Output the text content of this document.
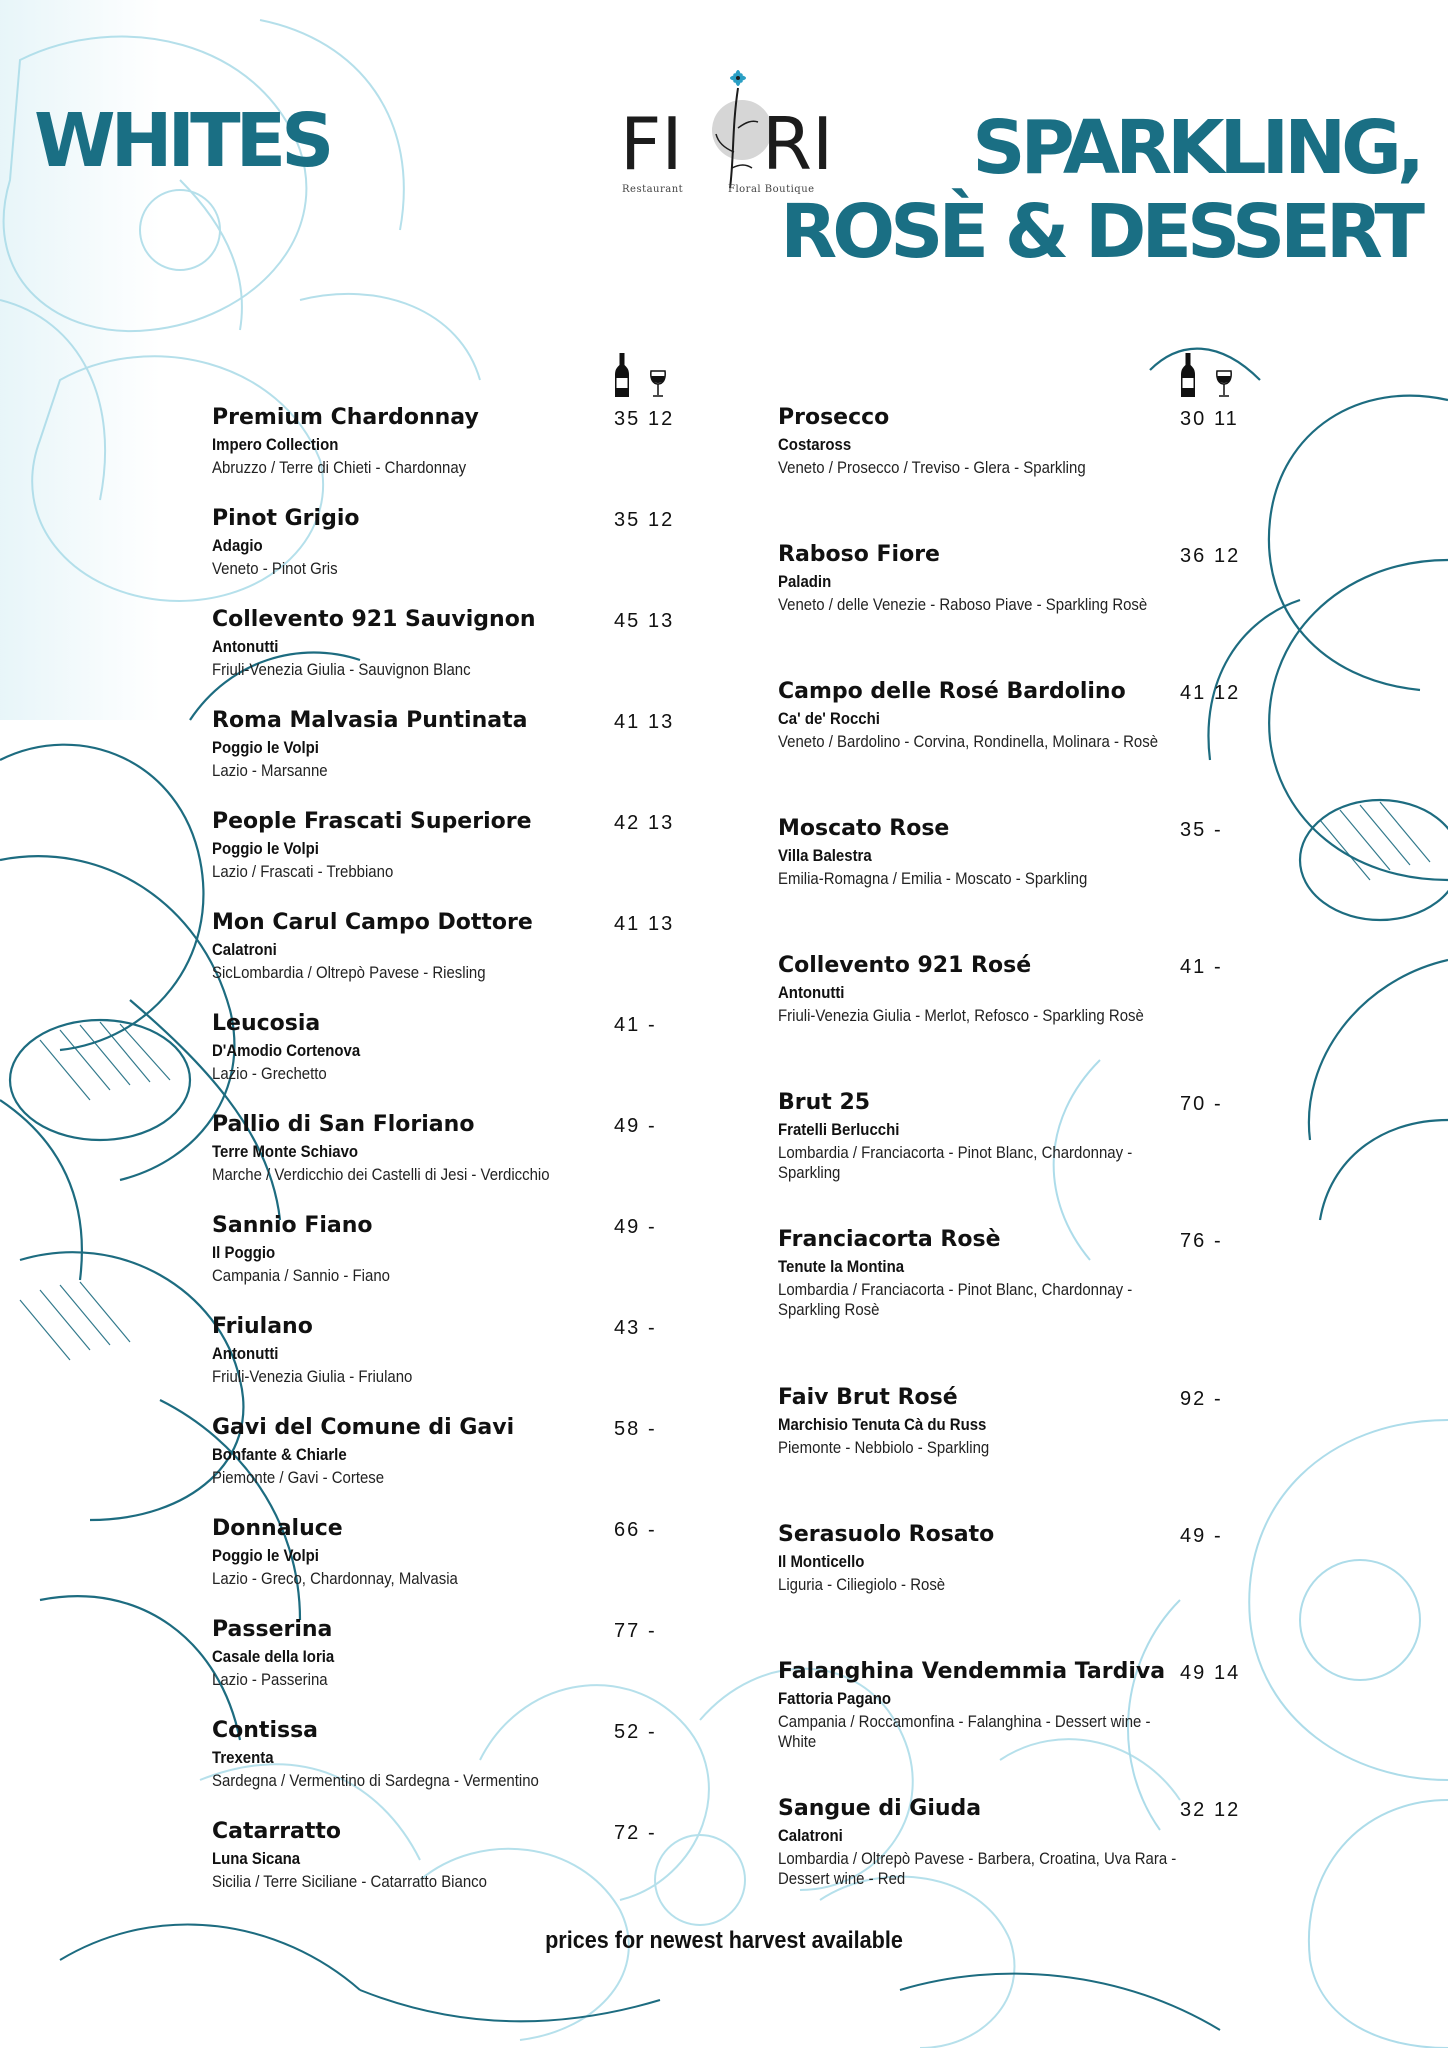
WHITES	SPARKLING,
ROSÈ & DESSERT
FI RI
Restaurant	Floral Boutique
Premium Chardonnay
Impero Collection
Abruzzo / Terre di Chieti - Chardonnay
35 12
Pinot Grigio
Adagio
Veneto - Pinot Gris
35 12
Collevento 921 Sauvignon
Antonutti
Friuli-Venezia Giulia - Sauvignon Blanc
45 13
Roma Malvasia Puntinata
Poggio le Volpi
Lazio - Marsanne
41 13
People Frascati Superiore
Poggio le Volpi
Lazio / Frascati - Trebbiano
42 13
Mon Carul Campo Dottore
Calatroni
SicLombardia / Oltrepò Pavese - Riesling
41 13
Leucosia
D'Amodio Cortenova
Lazio - Grechetto
41 -
Pallio di San Floriano
Terre Monte Schiavo
Marche / Verdicchio dei Castelli di Jesi - Verdicchio
49 -
Sannio Fiano
Il Poggio
Campania / Sannio - Fiano
49 -
Friulano
Antonutti
Friuli-Venezia Giulia - Friulano
43 -
Gavi del Comune di Gavi
Bonfante & Chiarle
Piemonte / Gavi - Cortese
58 -
Donnaluce
Poggio le Volpi
Lazio - Greco, Chardonnay, Malvasia
66 -
Passerina
Casale della Ioria
Lazio - Passerina
77 -
Contissa
Trexenta
Sardegna / Vermentino di Sardegna - Vermentino
52 -
Catarratto
Luna Sicana
Sicilia / Terre Siciliane - Catarratto Bianco
72 -
Prosecco
Costaross
Veneto / Prosecco / Treviso - Glera - Sparkling
30 11
Raboso Fiore
Paladin
Veneto / delle Venezie - Raboso Piave - Sparkling Rosè
36 12
Campo delle Rosé Bardolino
Ca' de' Rocchi
Veneto / Bardolino - Corvina, Rondinella, Molinara - Rosè
41 12
Moscato Rose
Villa Balestra
Emilia-Romagna / Emilia - Moscato - Sparkling
35 -
Collevento 921 Rosé
Antonutti
Friuli-Venezia Giulia - Merlot, Refosco - Sparkling Rosè
41 -
Brut 25
Fratelli Berlucchi
Lombardia / Franciacorta - Pinot Blanc, Chardonnay - Sparkling
70 -
Franciacorta Rosè
Tenute la Montina
Lombardia / Franciacorta - Pinot Blanc, Chardonnay - Sparkling Rosè
76 -
Faiv Brut Rosé
Marchisio Tenuta Cà du Russ
Piemonte - Nebbiolo - Sparkling
92 -
Serasuolo Rosato
Il Monticello
Liguria - Ciliegiolo - Rosè
49 -
Falanghina Vendemmia Tardiva
Fattoria Pagano
Campania / Roccamonfina - Falanghina - Dessert wine - White
49 14
Sangue di Giuda
Calatroni
Lombardia / Oltrepò Pavese - Barbera, Croatina, Uva Rara - Dessert wine - Red
32 12
prices for newest harvest available
